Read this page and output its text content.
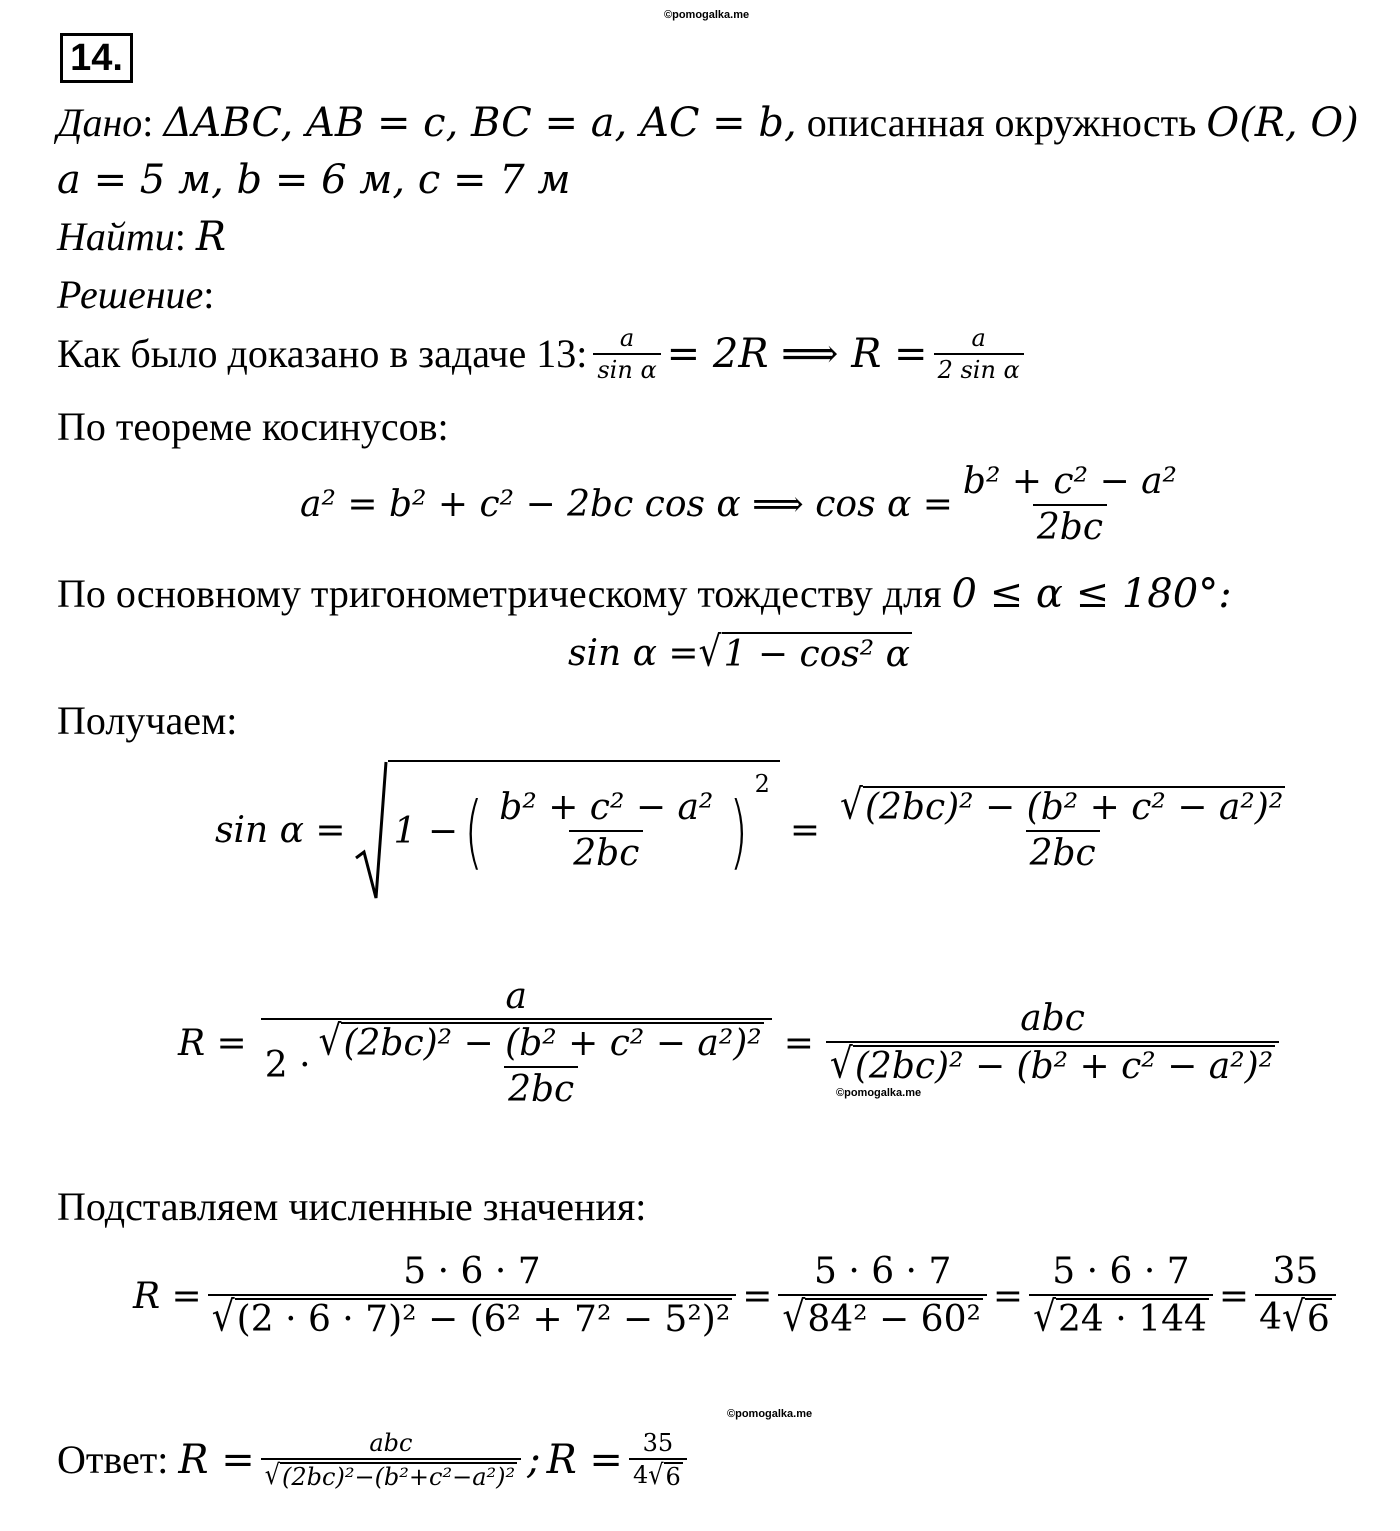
©pomogalka.me
©pomogalka.me
©pomogalka.me
14.
Дано: ΔABC, AB = c, BC = a, AC = b, описанная окружность O(R, O)
a = 5 м, b = 6 м, c = 7 м
Найти: R
Решение:
Как было доказано в задаче 13: $\frac{a}{\text{sin α}} = 2R$ ⟹ $R = \frac{a}{\text{2 sin α}}$
По теореме косинусов:
a² = b² + c² − 2bc cos α ⟹ $\cos \alpha = \frac{\text{b² + c² − a²}}{2bc}$
По основному тригонометрическому тождеству для 0 ≤ α ≤ 180°:
sin α = √ 1 − cos² α
Получаем:
sin α = 1 − ( $\frac{\text{b² + c² − a²}}{2bc}$ )
2
= $\frac{\text{√ (2bc)² − (b² + c² − a²)²}}{2bc}$
$R = \frac{a}{2 \cdot \frac{\text{√ (2bc)² − (b² + c² − a²)²}}{2bc}} = \frac{\text{abc}}{\text{√ (2bc)² − (b² + c² − a²)²}}$
Подставляем численные значения:
$R = \frac{5 \cdot 6 \cdot 7}{\text{√ (2 · 6 · 7)² − (6² + 7² − 5²)²}} = \frac{5 \cdot 6 \cdot 7}{\text{√ 84² − 60²}} = \frac{5 \cdot 6 \cdot 7}{√ 24 \cdot 144} = \frac{35}{4 √ 6}$
Ответ: $R = \frac{\text{abc}}{\text{√ (2bc)²−(b²+c²−a²)²}}$ ; $R = \frac{35}{4 √ 6}$
